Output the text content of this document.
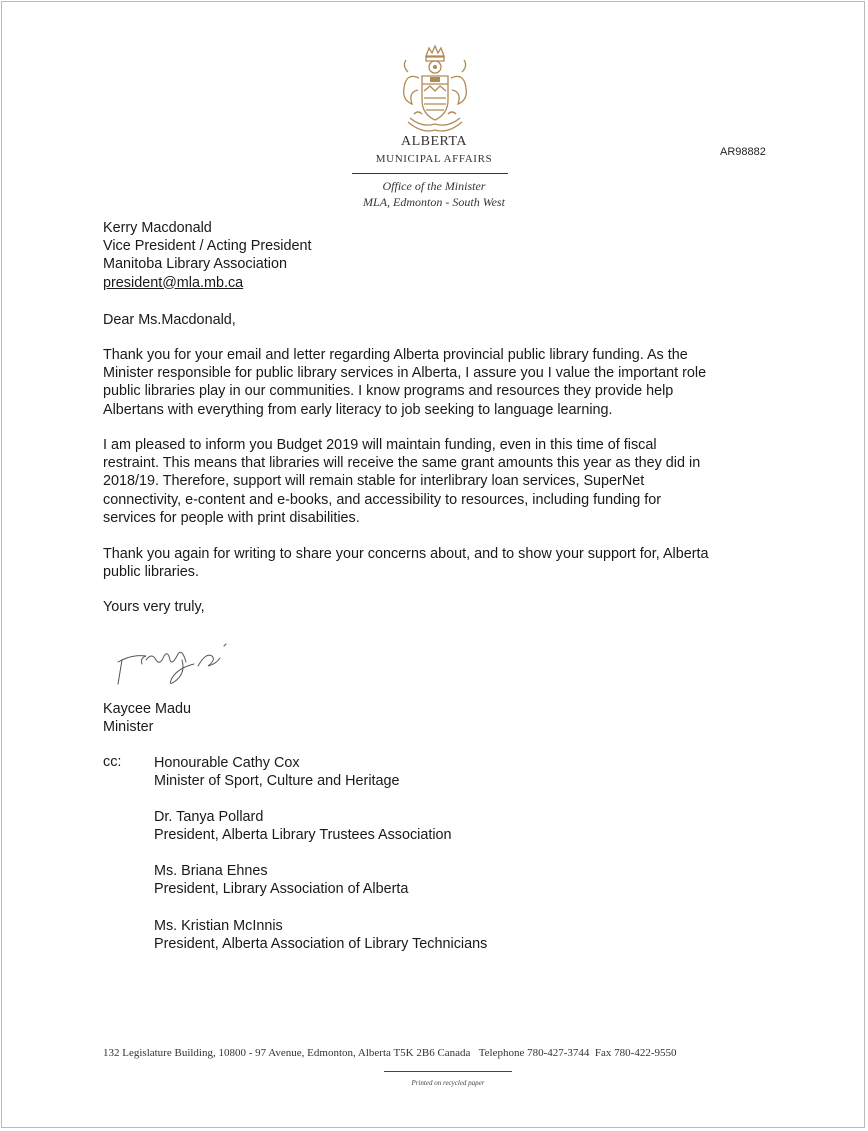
ALBERTA
MUNICIPAL AFFAIRS
Office of the Minister
MLA, Edmonton - South West
AR98882
Kerry Macdonald
Vice President / Acting President
Manitoba Library Association
president@mla.mb.ca
Dear Ms.Macdonald,
Thank you for your email and letter regarding Alberta provincial public library funding. As the
Minister responsible for public library services in Alberta, I assure you I value the important role
public libraries play in our communities. I know programs and resources they provide help
Albertans with everything from early literacy to job seeking to language learning.
I am pleased to inform you Budget 2019 will maintain funding, even in this time of fiscal
restraint. This means that libraries will receive the same grant amounts this year as they did in
2018/19. Therefore, support will remain stable for interlibrary loan services, SuperNet
connectivity, e-content and e-books, and accessibility to resources, including funding for
services for people with print disabilities.
Thank you again for writing to share your concerns about, and to show your support for, Alberta
public libraries.
Yours very truly,
Kaycee Madu
Minister
cc: Honourable Cathy Cox
Minister of Sport, Culture and Heritage
Dr. Tanya Pollard
President, Alberta Library Trustees Association
Ms. Briana Ehnes
President, Library Association of Alberta
Ms. Kristian McInnis
President, Alberta Association of Library Technicians
132 Legislature Building, 10800 - 97 Avenue, Edmonton, Alberta T5K 2B6 Canada Telephone 780-427-3744 Fax 780-422-9550
Printed on recycled paper
